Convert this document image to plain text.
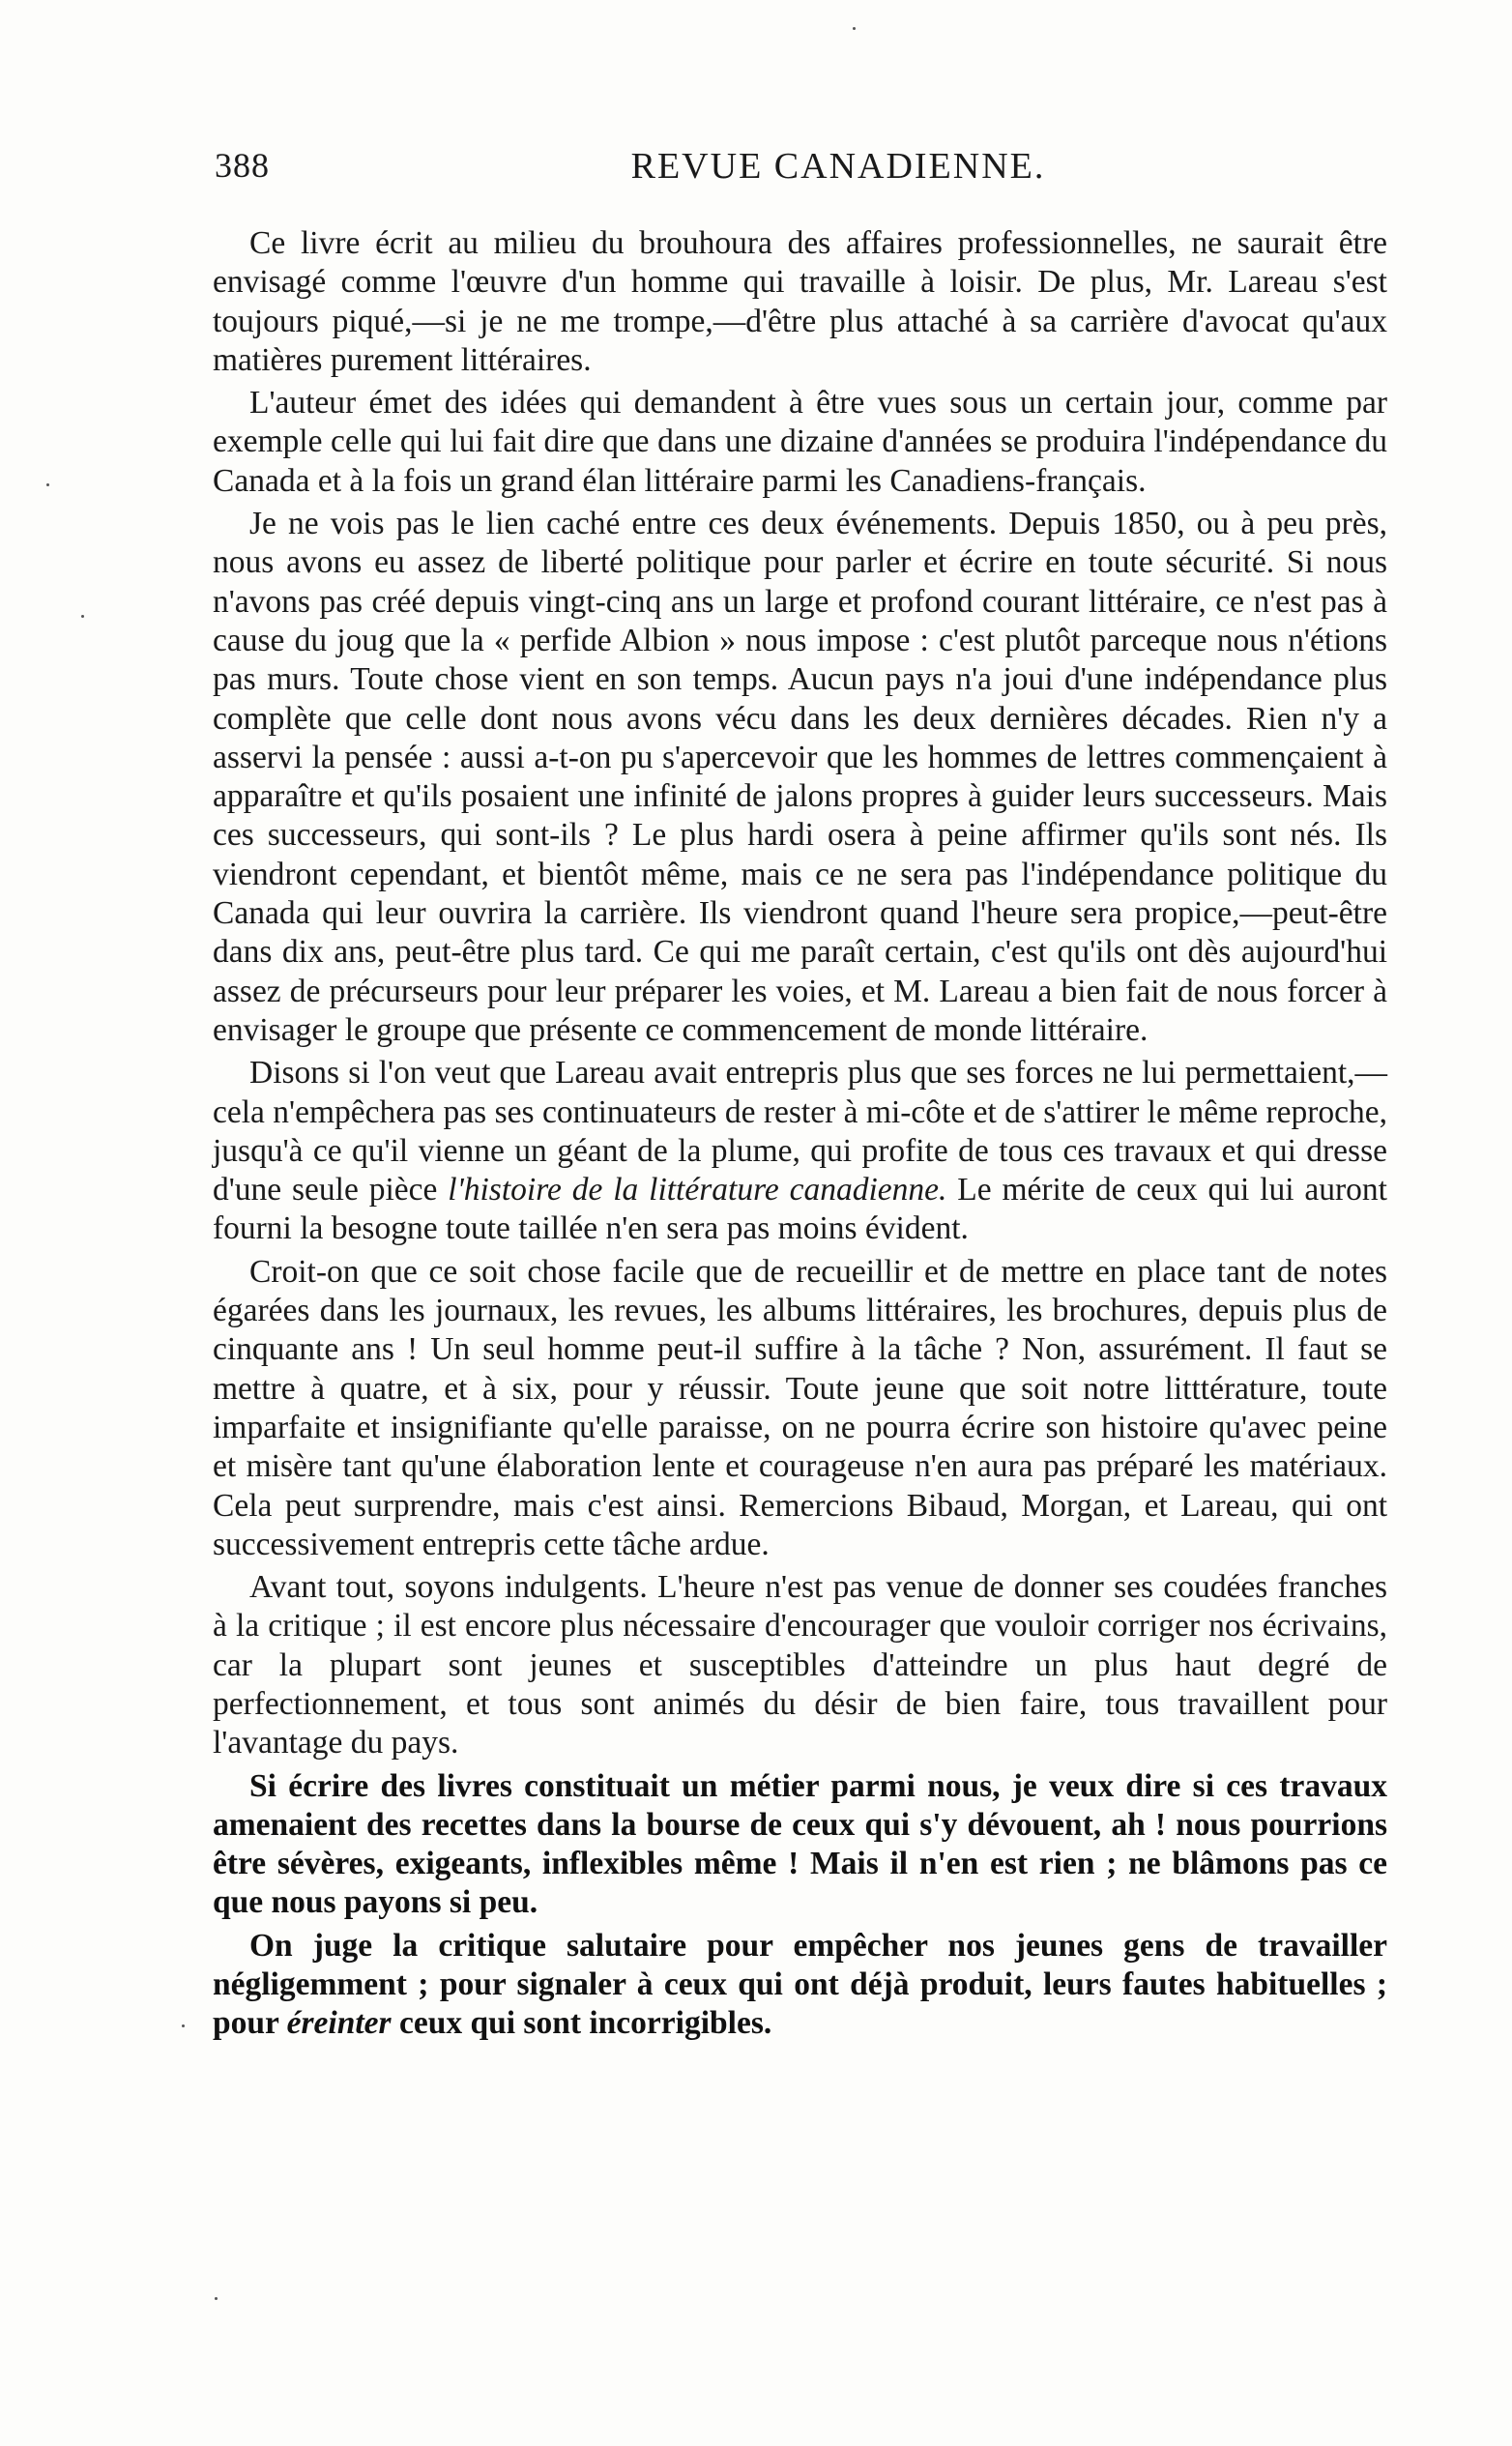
388	REVUE CANADIENNE.

Ce livre écrit au milieu du brouhoura des affaires professionnelles, ne saurait être envisagé comme l'œuvre d'un homme qui travaille à loisir. De plus, Mr. Lareau s'est toujours piqué,—si je ne me trompe,—d'être plus attaché à sa carrière d'avocat qu'aux matières purement littéraires.

L'auteur émet des idées qui demandent à être vues sous un certain jour, comme par exemple celle qui lui fait dire que dans une dizaine d'années se produira l'indépendance du Canada et à la fois un grand élan littéraire parmi les Canadiens-français.

Je ne vois pas le lien caché entre ces deux événements. Depuis 1850, ou à peu près, nous avons eu assez de liberté politique pour parler et écrire en toute sécurité. Si nous n'avons pas créé depuis vingt-cinq ans un large et profond courant littéraire, ce n'est pas à cause du joug que la « perfide Albion » nous impose : c'est plutôt parceque nous n'étions pas murs. Toute chose vient en son temps. Aucun pays n'a joui d'une indépendance plus complète que celle dont nous avons vécu dans les deux dernières décades. Rien n'y a asservi la pensée : aussi a-t-on pu s'apercevoir que les hommes de lettres commençaient à apparaître et qu'ils posaient une infinité de jalons propres à guider leurs successeurs. Mais ces successeurs, qui sont-ils ? Le plus hardi osera à peine affirmer qu'ils sont nés. Ils viendront cependant, et bientôt même, mais ce ne sera pas l'indépendance politique du Canada qui leur ouvrira la carrière. Ils viendront quand l'heure sera propice,—peut-être dans dix ans, peut-être plus tard. Ce qui me paraît certain, c'est qu'ils ont dès aujourd'hui assez de précurseurs pour leur préparer les voies, et M. Lareau a bien fait de nous forcer à envisager le groupe que présente ce commencement de monde littéraire.

Disons si l'on veut que Lareau avait entrepris plus que ses forces ne lui permettaient,—cela n'empêchera pas ses continuateurs de rester à mi-côte et de s'attirer le même reproche, jusqu'à ce qu'il vienne un géant de la plume, qui profite de tous ces travaux et qui dresse d'une seule pièce l'histoire de la littérature canadienne. Le mérite de ceux qui lui auront fourni la besogne toute taillée n'en sera pas moins évident.

Croit-on que ce soit chose facile que de recueillir et de mettre en place tant de notes égarées dans les journaux, les revues, les albums littéraires, les brochures, depuis plus de cinquante ans ! Un seul homme peut-il suffire à la tâche ? Non, assurément. Il faut se mettre à quatre, et à six, pour y réussir. Toute jeune que soit notre litttérature, toute imparfaite et insignifiante qu'elle paraisse, on ne pourra écrire son histoire qu'avec peine et misère tant qu'une élaboration lente et courageuse n'en aura pas préparé les matériaux. Cela peut surprendre, mais c'est ainsi. Remercions Bibaud, Morgan, et Lareau, qui ont successivement entrepris cette tâche ardue.

Avant tout, soyons indulgents. L'heure n'est pas venue de donner ses coudées franches à la critique ; il est encore plus nécessaire d'encourager que vouloir corriger nos écrivains, car la plupart sont jeunes et susceptibles d'atteindre un plus haut degré de perfectionnement, et tous sont animés du désir de bien faire, tous travaillent pour l'avantage du pays.

Si écrire des livres constituait un métier parmi nous, je veux dire si ces travaux amenaient des recettes dans la bourse de ceux qui s'y dévouent, ah ! nous pourrions être sévères, exigeants, inflexibles même ! Mais il n'en est rien ; ne blâmons pas ce que nous payons si peu.

On juge la critique salutaire pour empêcher nos jeunes gens de travailler négligemment ; pour signaler à ceux qui ont déjà produit, leurs fautes habituelles ; pour éreinter ceux qui sont incorrigibles.
